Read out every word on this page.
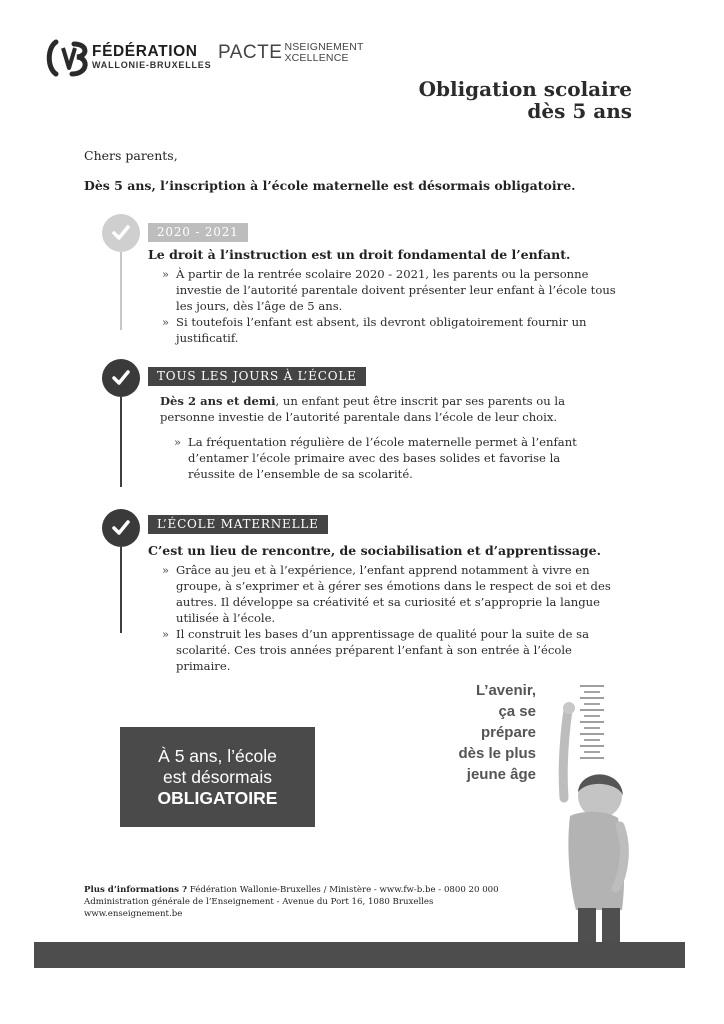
FÉDÉRATION
WALLONIE-BRUXELLES
PACTE NSEIGNEMENT
XCELLENCE
Obligation scolaire
dès 5 ans
Chers parents,
Dès 5 ans, l’inscription à l’école maternelle est désormais obligatoire.
2020 - 2021
Le droit à l’instruction est un droit fondamental de l’enfant.

» À partir de la rentrée scolaire 2020 - 2021, les parents ou la personne investie de l’autorité parentale doivent présenter leur enfant à l’école tous les jours, dès l’âge de 5 ans.

» Si toutefois l’enfant est absent, ils devront obligatoirement fournir un justificatif.

TOUS LES JOURS À L’ÉCOLE

Dès 2 ans et demi, un enfant peut être inscrit par ses parents ou la personne investie de l’autorité parentale dans l’école de leur choix.

» La fréquentation régulière de l’école maternelle permet à l’enfant d’entamer l’école primaire avec des bases solides et favorise la réussite de l’ensemble de sa scolarité.

L’ÉCOLE MATERNELLE
C’est un lieu de rencontre, de sociabilisation et d’apprentissage.

» Grâce au jeu et à l’expérience, l’enfant apprend notamment à vivre en groupe, à s’exprimer et à gérer ses émotions dans le respect de soi et des autres. Il développe sa créativité et sa curiosité et s’approprie la langue utilisée à l’école.

» Il construit les bases d’un apprentissage de qualité pour la suite de sa scolarité. Ces trois années préparent l’enfant à son entrée à l’école primaire.

L’avenir,
ça se prépare
dès le plus
jeune âge
À 5 ans, l’école
est désormais
OBLIGATOIRE
Plus d’informations ? Fédération Wallonie-Bruxelles / Ministère - www.fw-b.be - 0800 20 000
Administration générale de l’Enseignement - Avenue du Port 16, 1080 Bruxelles
www.enseignement.be
